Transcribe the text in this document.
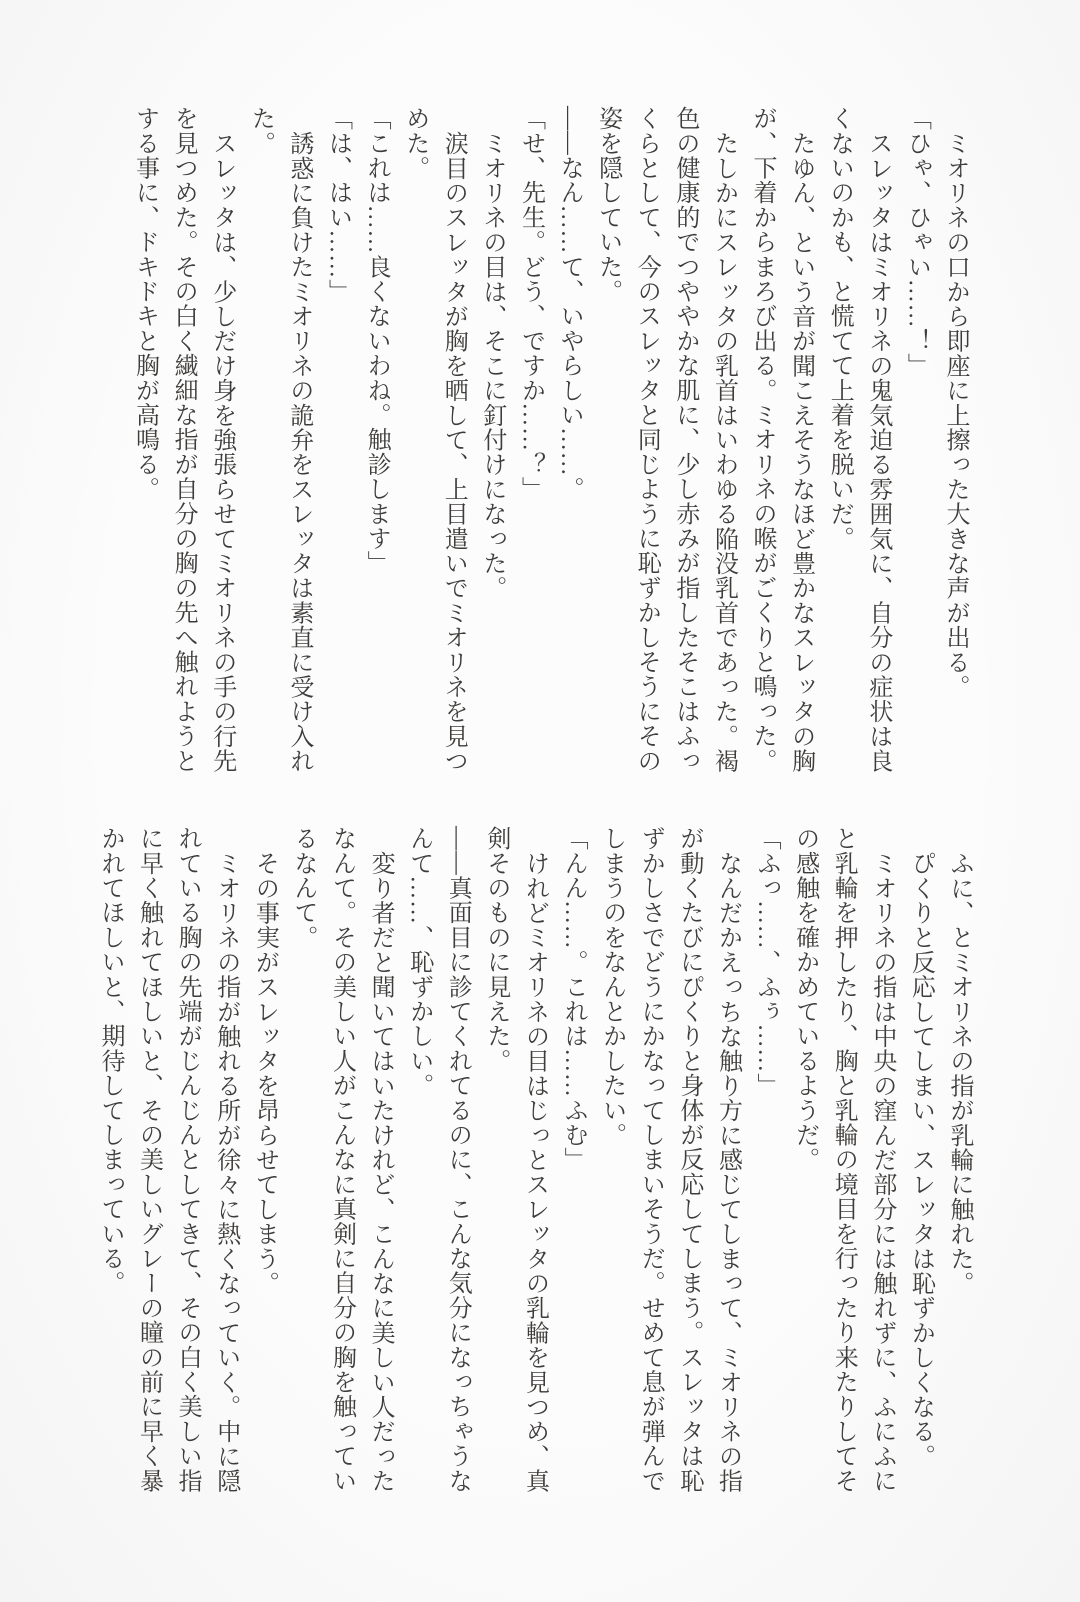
ミオリネの口から即座に上擦った大きな声が出る。

「ひゃ、ひゃい……！」

スレッタはミオリネの鬼気迫る雰囲気に、自分の症状は良

くないのかも、と慌てて上着を脱いだ。

たゆん、という音が聞こえそうなほど豊かなスレッタの胸

が、下着からまろび出る。ミオリネの喉がごくりと鳴った。

たしかにスレッタの乳首はいわゆる陥没乳首であった。褐

色の健康的でつややかな肌に、少し赤みが指したそこはふっ

くらとして、今のスレッタと同じように恥ずかしそうにその

姿を隠していた。

——なん……て、いやらしい……。

「せ、先生。どう、ですか……？」

ミオリネの目は、そこに釘付けになった。

涙目のスレッタが胸を晒して、上目遣いでミオリネを見つ

めた。

「これは……良くないわね。触診します」

「は、はい……」

誘惑に負けたミオリネの詭弁をスレッタは素直に受け入れ

た。

スレッタは、少しだけ身を強張らせてミオリネの手の行先

を見つめた。その白く繊細な指が自分の胸の先へ触れようと

する事に、ドキドキと胸が高鳴る。

ふに、とミオリネの指が乳輪に触れた。

ぴくりと反応してしまい、スレッタは恥ずかしくなる。

ミオリネの指は中央の窪んだ部分には触れずに、ふにふに

と乳輪を押したり、胸と乳輪の境目を行ったり来たりしてそ

の感触を確かめているようだ。

「ふっ……、ふぅ……」

なんだかえっちな触り方に感じてしまって、ミオリネの指

が動くたびにぴくりと身体が反応してしまう。スレッタは恥

ずかしさでどうにかなってしまいそうだ。せめて息が弾んで

しまうのをなんとかしたい。

「んん……。これは……ふむ」

けれどミオリネの目はじっとスレッタの乳輪を見つめ、真

剣そのものに見えた。

——真面目に診てくれてるのに、こんな気分になっちゃうな

んて……、恥ずかしい。

変り者だと聞いてはいたけれど、こんなに美しい人だった

なんて。その美しい人がこんなに真剣に自分の胸を触ってい

るなんて。

その事実がスレッタを昂らせてしまう。

ミオリネの指が触れる所が徐々に熱くなっていく。中に隠

れている胸の先端がじんじんとしてきて、その白く美しい指

に早く触れてほしいと、その美しいグレーの瞳の前に早く暴

かれてほしいと、期待してしまっている。
